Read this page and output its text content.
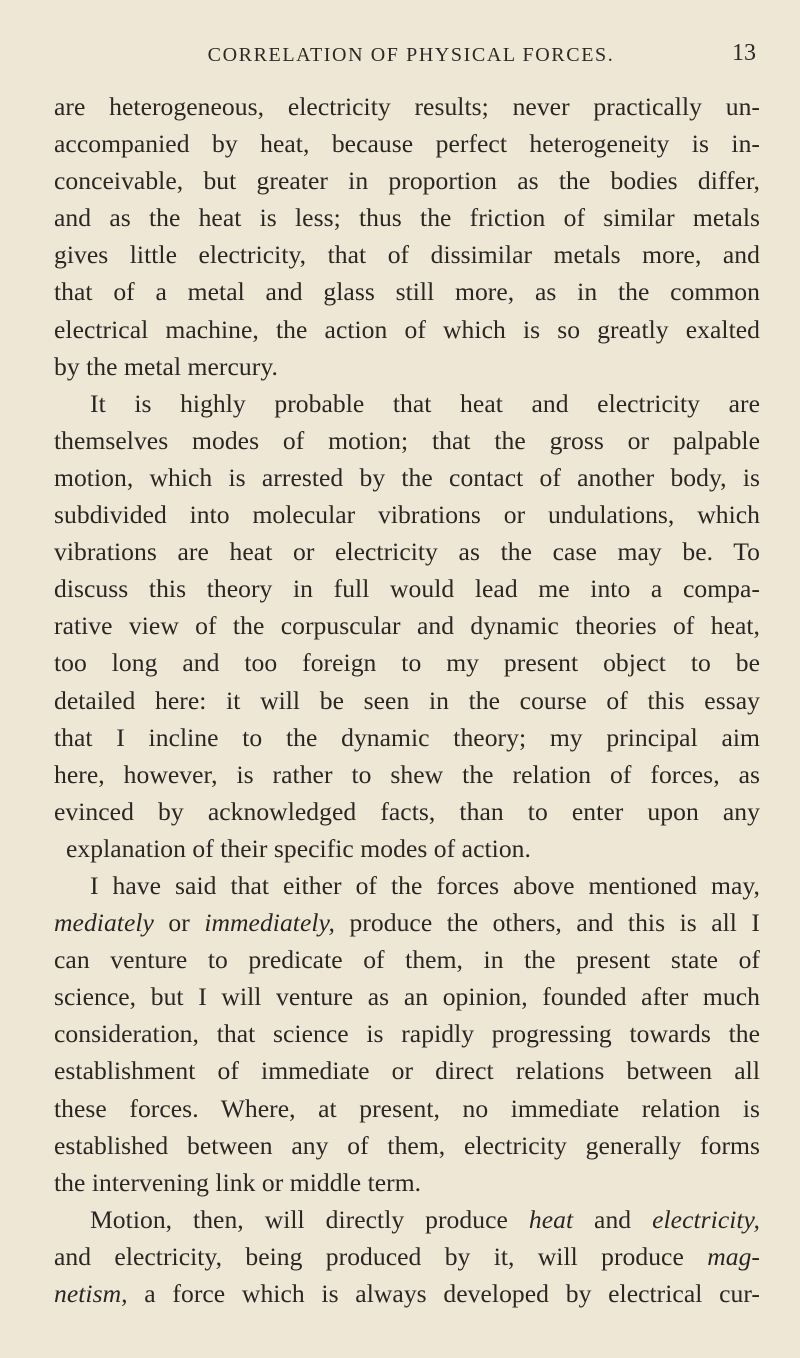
CORRELATION OF PHYSICAL FORCES.	13

are heterogeneous, electricity results; never practically un-
accompanied by heat, because perfect heterogeneity is in-
conceivable, but greater in proportion as the bodies differ,
and as the heat is less; thus the friction of similar metals
gives little electricity, that of dissimilar metals more, and
that of a metal and glass still more, as in the common
electrical machine, the action of which is so greatly exalted
by the metal mercury.

It is highly probable that heat and electricity are
themselves modes of motion; that the gross or palpable
motion, which is arrested by the contact of another body, is
subdivided into molecular vibrations or undulations, which
vibrations are heat or electricity as the case may be. To
discuss this theory in full would lead me into a compa-
rative view of the corpuscular and dynamic theories of heat,
too long and too foreign to my present object to be
detailed here: it will be seen in the course of this essay
that I incline to the dynamic theory; my principal aim
here, however, is rather to shew the relation of forces, as
evinced by acknowledged facts, than to enter upon any
explanation of their specific modes of action.

I have said that either of the forces above mentioned may,
mediately or immediately, produce the others, and this is all I
can venture to predicate of them, in the present state of
science, but I will venture as an opinion, founded after much
consideration, that science is rapidly progressing towards the
establishment of immediate or direct relations between all
these forces. Where, at present, no immediate relation is
established between any of them, electricity generally forms
the intervening link or middle term.

Motion, then, will directly produce heat and electricity,
and electricity, being produced by it, will produce mag-
netism, a force which is always developed by electrical cur-
